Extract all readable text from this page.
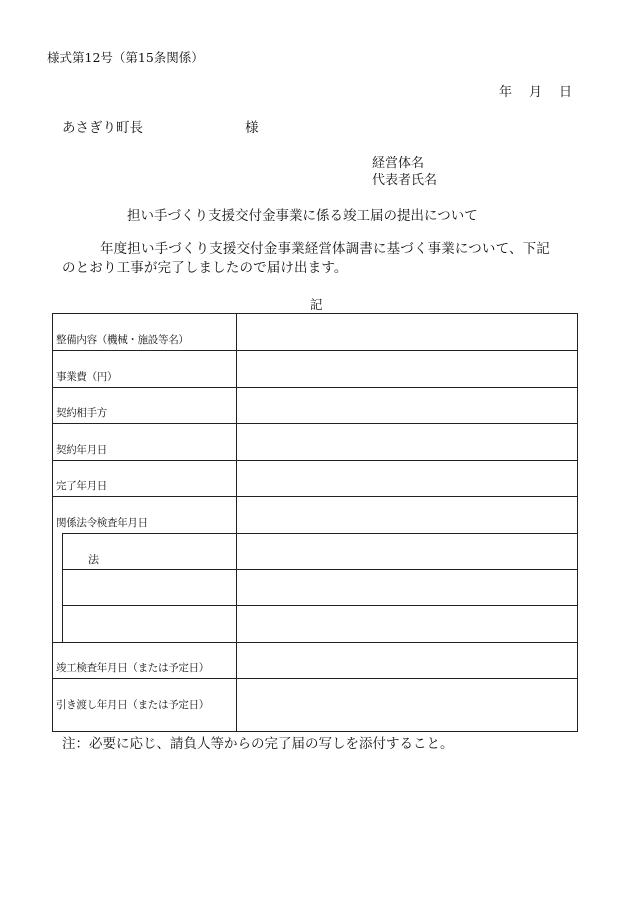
様式第12号（第15条関係）
年 月 日
あさぎり町長	様
経営体名
代表者氏名
担い手づくり支援交付金事業に係る竣工届の提出について
年度担い手づくり支援交付金事業経営体調書に基づく事業について、下記
のとおり工事が完了しましたので届け出ます。
記
整備内容（機械・施設等名）
事業費（円）
契約相手方
契約年月日
完了年月日
関係法令検査年月日
竣工検査年月日（または予定日）
引き渡し年月日（または予定日）
法
注：必要に応じ、請負人等からの完了届の写しを添付すること。
